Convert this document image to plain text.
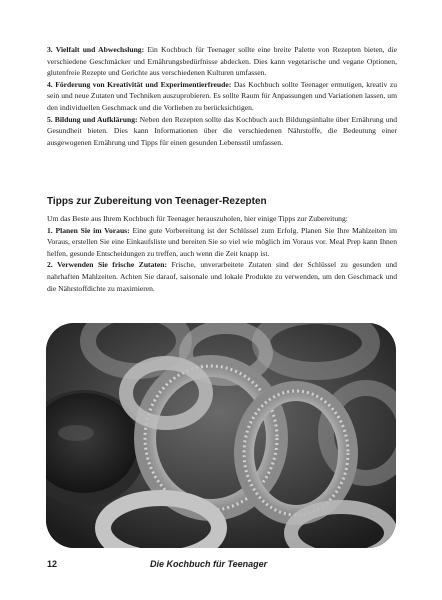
3. Vielfalt und Abwechslung: Ein Kochbuch für Teenager sollte eine breite Palette von Rezepten bieten, die verschiedene Geschmäcker und Ernährungsbedürfnisse abdecken. Dies kann vegetarische und vegane Optionen, glutenfreie Rezepte und Gerichte aus verschiedenen Kulturen umfassen.

4. Förderung von Kreativität und Experimentierfreude: Das Kochbuch sollte Teenager ermutigen, kreativ zu sein und neue Zutaten und Techniken auszuprobieren. Es sollte Raum für Anpassungen und Variationen lassen, um den individuellen Geschmack und die Vorlieben zu berücksichtigen.

5. Bildung und Aufklärung: Neben den Rezepten sollte das Kochbuch auch Bildungsinhalte über Ernährung und Gesundheit bieten. Dies kann Informationen über die verschiedenen Nährstoffe, die Bedeutung einer ausgewogenen Ernährung und Tipps für einen gesunden Lebensstil umfassen.

Tipps zur Zubereitung von Teenager-Rezepten

Um das Beste aus Ihrem Kochbuch für Teenager herauszuholen, hier einige Tipps zur Zubereitung:

1. Planen Sie im Voraus: Eine gute Vorbereitung ist der Schlüssel zum Erfolg. Planen Sie Ihre Mahlzeiten im Voraus, erstellen Sie eine Einkaufsliste und bereiten Sie so viel wie möglich im Voraus vor. Meal Prep kann Ihnen helfen, gesunde Entscheidungen zu treffen, auch wenn die Zeit knapp ist.

2. Verwenden Sie frische Zutaten: Frische, unverarbeitete Zutaten sind der Schlüssel zu gesunden und nahrhaften Mahlzeiten. Achten Sie darauf, saisonale und lokale Produkte zu verwenden, um den Geschmack und die Nährstoffdichte zu maximieren.

12	Die Kochbuch für Teenager
